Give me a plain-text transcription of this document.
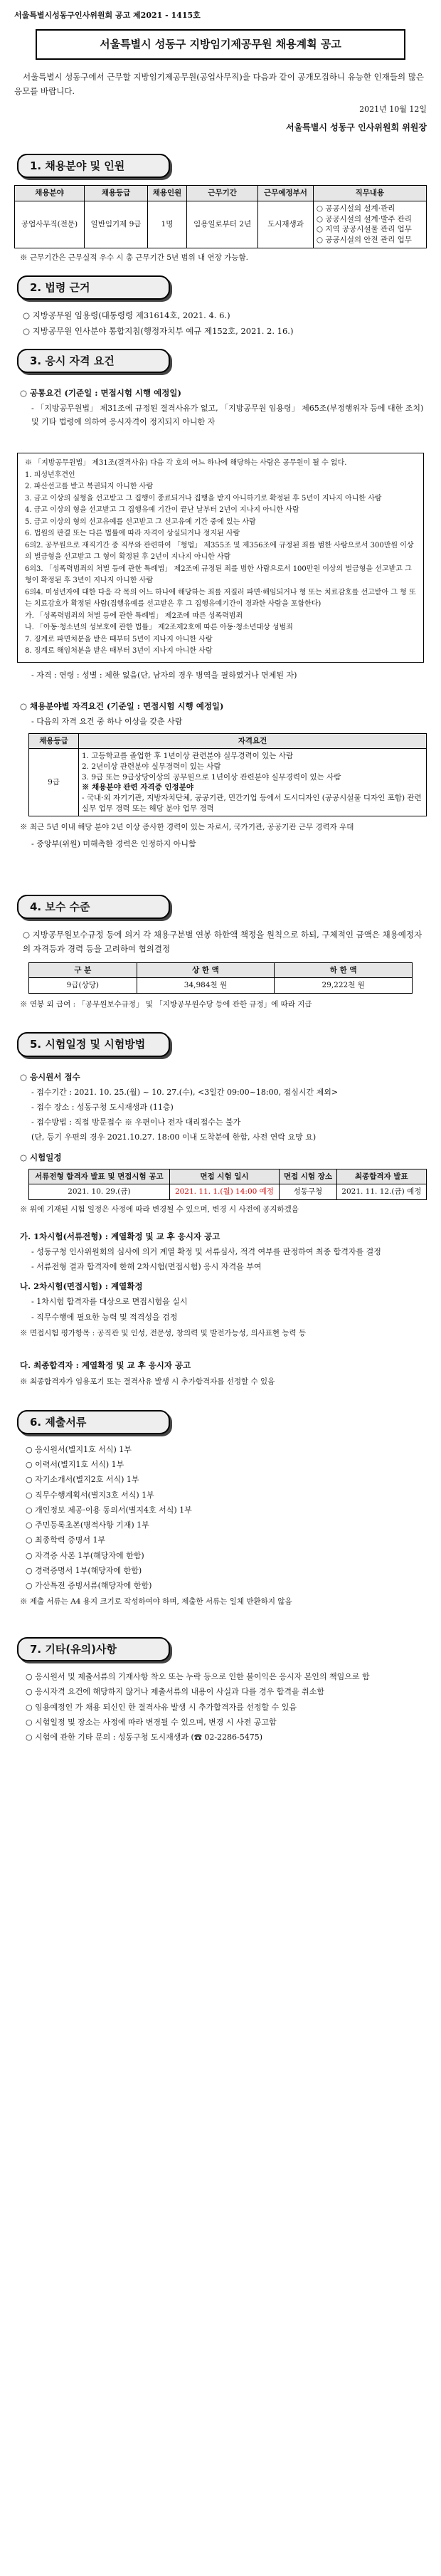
서울특별시성동구인사위원회 공고 제2021 - 1415호
서울특별시 성동구 지방임기제공무원 채용계획 공고

서울특별시 성동구에서 근무할 지방임기제공무원(공업사무직)을 다음과 같이 공개모집하니 유능한 인재들의 많은 응모를 바랍니다.

2021년 10월 12일
서울특별시 성동구 인사위원회 위원장
1. 채용분야 및 인원
채용분야	채용등급	채용인원	근무기간	근무예정부서	직무내용
공업사무직(전문)	일반임기제 9급	1명	임용일로부터 2년	도시재생과	○ 공공시설의 설계·관리
○ 공공시설의 설계·발주 관리
○ 지역 공공시설물 관리 업무
○ 공공시설의 안전 관리 업무
※ 근무기간은 근무실적 우수 시 총 근무기간 5년 범위 내 연장 가능함.
2. 법령 근거
○ 지방공무원 임용령(대통령령 제31614호, 2021. 4. 6.)
○ 지방공무원 인사분야 통합지침(행정자치부 예규 제152호, 2021. 2. 16.)
3. 응시 자격 요건
○ 공통요건 (기준일 : 면접시험 시행 예정일)
- 「지방공무원법」 제31조에 규정된 결격사유가 없고, 「지방공무원 임용령」 제65조(부정행위자 등에 대한 조치) 및 기타 법령에 의하여 응시자격이 정지되지 아니한 자

※ 「지방공무원법」 제31조(결격사유) 다음 각 호의 어느 하나에 해당하는 사람은 공무원이 될 수 없다.

1. 피성년후견인

2. 파산선고를 받고 복권되지 아니한 사람

3. 금고 이상의 실형을 선고받고 그 집행이 종료되거나 집행을 받지 아니하기로 확정된 후 5년이 지나지 아니한 사람

4. 금고 이상의 형을 선고받고 그 집행유예 기간이 끝난 날부터 2년이 지나지 아니한 사람

5. 금고 이상의 형의 선고유예를 선고받고 그 선고유예 기간 중에 있는 사람

6. 법원의 판결 또는 다른 법률에 따라 자격이 상실되거나 정지된 사람

6의2. 공무원으로 재직기간 중 직무와 관련하여 「형법」 제355조 및 제356조에 규정된 죄를 범한 사람으로서 300만원 이상의 벌금형을 선고받고 그 형이 확정된 후 2년이 지나지 아니한 사람

6의3. 「성폭력범죄의 처벌 등에 관한 특례법」 제2조에 규정된 죄를 범한 사람으로서 100만원 이상의 벌금형을 선고받고 그 형이 확정된 후 3년이 지나지 아니한 사람

6의4. 미성년자에 대한 다음 각 목의 어느 하나에 해당하는 죄를 저질러 파면·해임되거나 형 또는 치료감호를 선고받아 그 형 또는 치료감호가 확정된 사람(집행유예를 선고받은 후 그 집행유예기간이 경과한 사람을 포함한다)

가. 「성폭력범죄의 처벌 등에 관한 특례법」 제2조에 따른 성폭력범죄

나. 「아동·청소년의 성보호에 관한 법률」 제2조제2호에 따른 아동·청소년대상 성범죄

7. 징계로 파면처분을 받은 때부터 5년이 지나지 아니한 사람

8. 징계로 해임처분을 받은 때부터 3년이 지나지 아니한 사람

- 자격 : 연령 : 성별 : 제한 없음(단, 남자의 경우 병역을 필하였거나 면제된 자)
○ 채용분야별 자격요건 (기준일 : 면접시험 시행 예정일)
- 다음의 자격 요건 중 하나 이상을 갖춘 사람
채용등급	자격요건
9급	1. 고등학교를 졸업한 후 1년이상 관련분야 실무경력이 있는 사람
2. 2년이상 관련분야 실무경력이 있는 사람
3. 9급 또는 9급상당이상의 공무원으로 1년이상 관련분야 실무경력이 있는 사람
※ 채용분야 관련 자격증 인정분야
- 국내·외 자기기관, 지방자치단체, 공공기관, 민간기업 등에서 도시디자인 (공공시설물 디자인 포함) 관련 실무 업무 경력 또는 해당 분야 업무 경력
※ 최근 5년 이내 해당 분야 2년 이상 종사한 경력이 있는 자로서, 국가기관, 공공기관 근무 경력자 우대
- 중앙부(위원) 미해촉한 경력은 인정하지 아니함
4. 보수 수준
○ 지방공무원보수규정 등에 의거 각 채용구분별 연봉 하한액 책정을 원칙으로 하되, 구체적인 금액은 채용예정자의 자격등과 경력 등을 고려하여 협의결정
구 분	상 한 액	하 한 액
9급(상당)	34,984천 원	29,222천 원
※ 연봉 외 급여 : 「공무원보수규정」 및 「지방공무원수당 등에 관한 규정」에 따라 지급
5. 시험일정 및 시험방법
○ 응시원서 접수
- 접수기간 : 2021. 10. 25.(월) ~ 10. 27.(수), <3일간 09:00~18:00, 점심시간 제외>
- 접수 장소 : 성동구청 도시재생과 (11층)
- 접수방법 : 직접 방문접수 ※ 우편이나 전자 대리접수는 불가
(단, 등기 우편의 경우 2021.10.27. 18:00 이내 도착분에 한함, 사전 연락 요망 요)
○ 시험일정
서류전형 합격자 발표 및 면접시험 공고	면접 시험 일시	면접 시험 장소	최종합격자 발표
2021. 10. 29.(금)	2021. 11. 1.(월) 14:00 예정	성동구청	2021. 11. 12.(금) 예정
※ 위에 기재된 시험 일정은 사정에 따라 변경될 수 있으며, 변경 시 사전에 공지하겠음
가. 1차시험(서류전형) : 계열확정 및 교 후 응시자 공고
- 성동구청 인사위원회의 심사에 의거 계열 확정 및 서류심사, 적격 여부를 판정하여 최종 합격자를 결정
- 서류전형 결과 합격자에 한해 2차시험(면접시험) 응시 자격을 부여
나. 2차시험(면접시험) : 계열확정
- 1차시험 합격자를 대상으로 면접시험을 실시
- 직무수행에 필요한 능력 및 적격성을 검정
※ 면접시험 평가항목 : 공직관 및 인성, 전문성, 창의력 및 발전가능성, 의사표현 능력 등
다. 최종합격자 : 계열확정 및 교 후 응시자 공고
※ 최종합격자가 임용포기 또는 결격사유 발생 시 추가합격자를 선정할 수 있음
6. 제출서류
○ 응시원서(별지1호 서식) 1부
○ 이력서(별지1호 서식) 1부
○ 자기소개서(별지2호 서식) 1부
○ 직무수행계획서(별지3호 서식) 1부
○ 개인정보 제공·이용 동의서(별지4호 서식) 1부
○ 주민등록초본(병적사항 기재) 1부
○ 최종학력 증명서 1부
○ 자격증 사본 1부(해당자에 한함)
○ 경력증명서 1부(해당자에 한함)
○ 가산특전 증빙서류(해당자에 한함)
※ 제출 서류는 A4 용지 크기로 작성하여야 하며, 제출한 서류는 일체 반환하지 않음
7. 기타(유의)사항
○ 응시원서 및 제출서류의 기재사항 착오 또는 누락 등으로 인한 불이익은 응시자 본인의 책임으로 함
○ 응시자격 요건에 해당하지 않거나 제출서류의 내용이 사실과 다를 경우 합격을 취소함
○ 임용예정인 가 채용 되신인 한 결격사유 발생 시 추가합격자를 선정할 수 있음
○ 시험일정 및 장소는 사정에 따라 변경될 수 있으며, 변경 시 사전 공고함
○ 시험에 관한 기타 문의 : 성동구청 도시재생과 (☎ 02-2286-5475)
